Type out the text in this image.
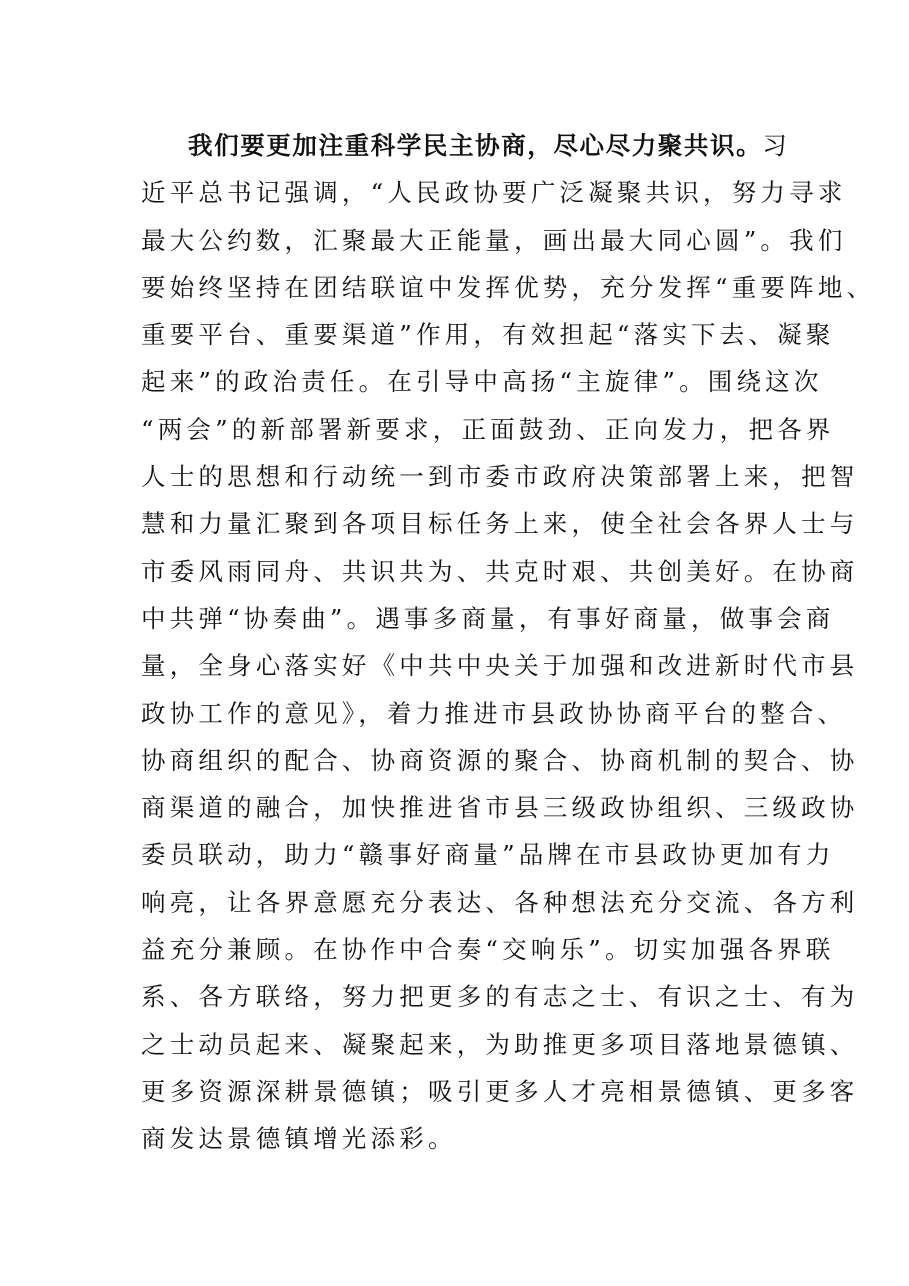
我们要更加注重科学民主协商，尽心尽力聚共识。习
近平总书记强调，“人民政协要广泛凝聚共识，努力寻求
最大公约数，汇聚最大正能量，画出最大同心圆”。我们
要始终坚持在团结联谊中发挥优势，充分发挥“重要阵地、
重要平台、重要渠道”作用，有效担起“落实下去、凝聚
起来”的政治责任。在引导中高扬“主旋律”。围绕这次
“两会”的新部署新要求，正面鼓劲、正向发力，把各界
人士的思想和行动统一到市委市政府决策部署上来，把智
慧和力量汇聚到各项目标任务上来，使全社会各界人士与
市委风雨同舟、共识共为、共克时艰、共创美好。在协商
中共弹“协奏曲”。遇事多商量，有事好商量，做事会商
量，全身心落实好《中共中央关于加强和改进新时代市县
政协工作的意见》，着力推进市县政协协商平台的整合、
协商组织的配合、协商资源的聚合、协商机制的契合、协
商渠道的融合，加快推进省市县三级政协组织、三级政协
委员联动，助力“赣事好商量”品牌在市县政协更加有力
响亮，让各界意愿充分表达、各种想法充分交流、各方利
益充分兼顾。在协作中合奏“交响乐”。切实加强各界联
系、各方联络，努力把更多的有志之士、有识之士、有为
之士动员起来、凝聚起来，为助推更多项目落地景德镇、
更多资源深耕景德镇；吸引更多人才亮相景德镇、更多客
商发达景德镇增光添彩。
